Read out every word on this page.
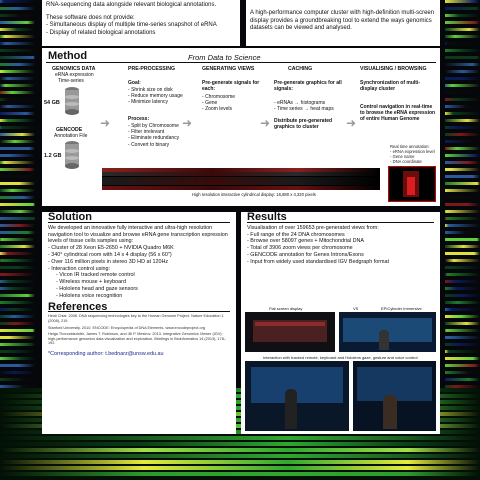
RNA-sequencing data alongside relevant biological annotations.
These software does not provide:
- Simultaneous display of multiple time-series snapshot of eRNA
- Display of related biological annotations
A high-performance computer cluster with high-definition multi-screen display provides a groundbreaking tool to extend the ways genomics datasets can be viewed and analysed.
Method	From Data to Science
GENOMICS DATA
eRNA expression
Time-series
54 GB
GENCODE
Annotation File
1.2 GB
PRE-PROCESSING
Goal:
- Shrink size on disk
- Reduce memory usage
- Minimize latency
Process:
- Split by Chromosome
- Filter irrelevant
- Eliminate redundancy
- Convert to binary
GENERATING VIEWS
Pre-generate signals for each:
- Chromosome
- Gene
- Zoom levels
CACHING
Pre-generate graphics for all signals:
- eRNAs → histograms
- Time series → heat maps
Distribute pre-generated graphics to cluster
VISUALISING / BROWSING
Synchronization of multi-display cluster
Control navigation in real-time to browse the eRNA expression of entire Human Genome
➜	➜	➜	➜
High resolution interactive cylindrical display: 16,880 x 4,320 pixels
Real time annotation:
- eRNA expression level
- Gene name
- DNA coordinate
Solution
We developed an innovative fully interactive and ultra-high resolution navigation tool to visualize and browse eRNA gene transcription expression levels of tissue cells samples using:
- Cluster of 28 Xeon E5-2650 + NVIDIA Quadro M6K
- 340° cylindrical room with 14 x 4 display (56 x 60")
- Over 116 million pixels in stereo 3D HD at 120Hz
- Interaction control using:
- Vicon IR tracked remote control
- Wireless mouse + keyboard
- Hololens head and gaze sensors
- Hololens voice recognition
References
Heidi Chial. 2008. DNA sequencing technologies key to the Human Genome Project. Nature Education 1 (2008), 219.
Stanford University. 2010. ENCODE: Encyclopedia of DNA Elements. www.encodeproject.org
Helga Thorvaldsdottir, James T. Robinson, and Jill P. Mesirov. 2013. Integrative Genomics Viewer (IGV): high-performance genomics data visualization and exploration. Briefings in Bioinformatics 14 (2013), 178–192.
*Corresponding author: t.bednarz@unsw.edu.au
Results
Visualisation of over 159653 pre-generated views from:
- Full range of the 24 DNA chromosomes
- Browse over 58097 genes + Mitochondrial DNA
- Total of 3906 zoom views per chromosome
- GENCODE annotation for Genes Introns/Exons
- Input from widely used standardised IGV Bedgraph format
Flat screen display	VS	EPICylinder Immersive
Interaction with tracked remote, keyboard and Hololens gaze, gesture and voice control
